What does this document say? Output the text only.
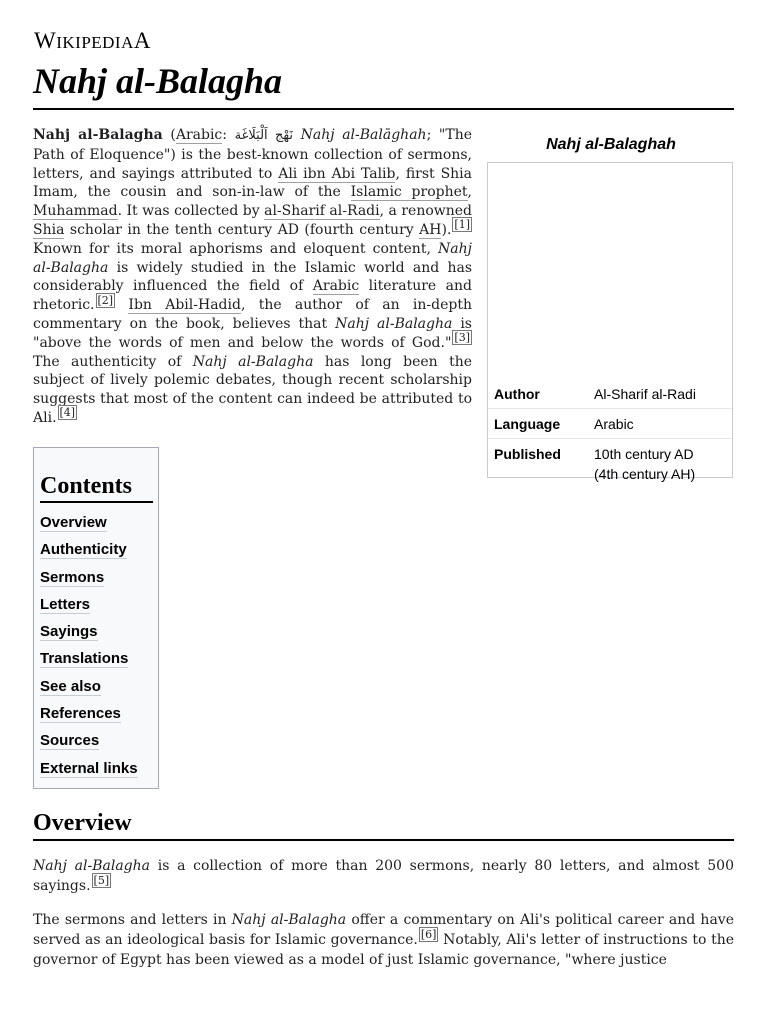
WIKIPEDIAA
Nahj al-Balagha

Nahj al-Balagha (Arabic: نَهْج اَلْبَلَاغَة Nahj al-Balāghah; "The Path of Eloquence") is the best-known collection of sermons, letters, and sayings attributed to Ali ibn Abi Talib, first Shia Imam, the cousin and son-in-law of the Islamic prophet, Muhammad. It was collected by al-Sharif al-Radi, a renowned Shia scholar in the tenth century AD (fourth century AH). [1] Known for its moral aphorisms and eloquent content, Nahj al-Balagha is widely studied in the Islamic world and has considerably influenced the field of Arabic literature and rhetoric. [2] Ibn Abil-Hadid, the author of an in-depth commentary on the book, believes that Nahj al-Balagha is "above the words of men and below the words of God." [3] The authenticity of Nahj al-Balagha has long been the subject of lively polemic debates, though recent scholarship suggests that most of the content can indeed be attributed to Ali. [4]

Nahj al-Balaghah
Author	Al-Sharif al-Radi
Language	Arabic
Published	10th century AD
(4th century AH)
Contents
Overview
Authenticity
Sermons
Letters
Sayings
Translations
See also
References
Sources
External links
Overview

Nahj al-Balagha is a collection of more than 200 sermons, nearly 80 letters, and almost 500 sayings. [5]

The sermons and letters in Nahj al-Balagha offer a commentary on Ali's political career and have served as an ideological basis for Islamic governance. [6] Notably, Ali's letter of instructions to the governor of Egypt has been viewed as a model of just Islamic governance, "where justice
